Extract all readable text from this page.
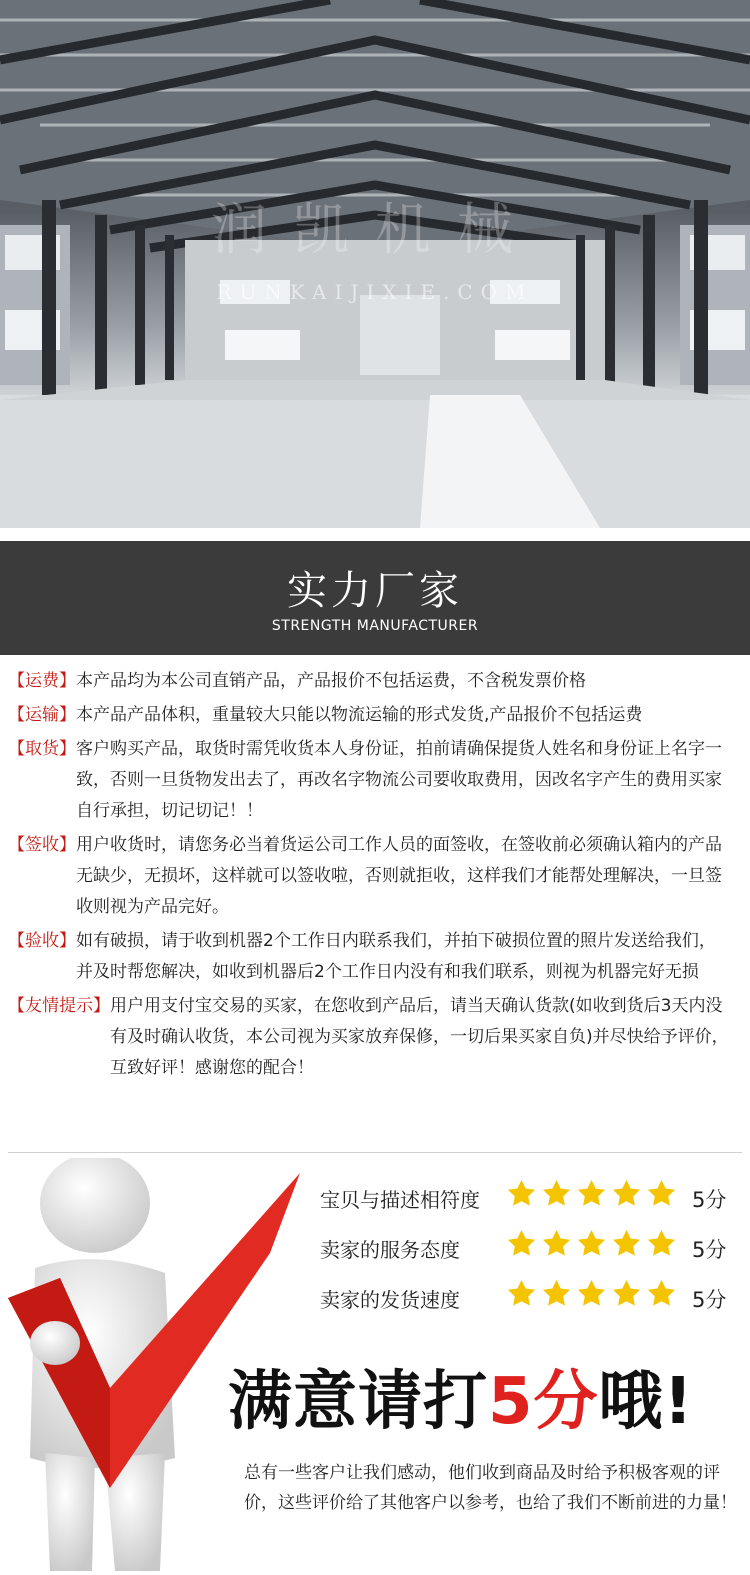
润凯机械
RUNKAIJIXIE.COM
实力厂家
STRENGTH MANUFACTURER
【运费】 本产品均为本公司直销产品，产品报价不包括运费，不含税发票价格
【运输】 本产品产品体积，重量较大只能以物流运输的形式发货,产品报价不包括运费
【取货】 客户购买产品，取货时需凭收货本人身份证，拍前请确保提货人姓名和身份证上名字一致，否则一旦货物发出去了，再改名字物流公司要收取费用，因改名字产生的费用买家自行承担，切记切记！！
【签收】 用户收货时，请您务必当着货运公司工作人员的面签收，在签收前必须确认箱内的产品无缺少，无损坏，这样就可以签收啦，否则就拒收，这样我们才能帮处理解决，一旦签收则视为产品完好。
【验收】 如有破损，请于收到机器2个工作日内联系我们，并拍下破损位置的照片发送给我们，并及时帮您解决，如收到机器后2个工作日内没有和我们联系，则视为机器完好无损
【友情提示】 用户用支付宝交易的买家，在您收到产品后，请当天确认货款(如收到货后3天内没有及时确认收货，本公司视为买家放弃保修，一切后果买家自负)并尽快给予评价，互致好评！感谢您的配合！
宝贝与描述相符度	5分
卖家的服务态度	5分
卖家的发货速度	5分
满意请打5分哦!
总有一些客户让我们感动，他们收到商品及时给予积极客观的评价，这些评价给了其他客户以参考，也给了我们不断前进的力量！
